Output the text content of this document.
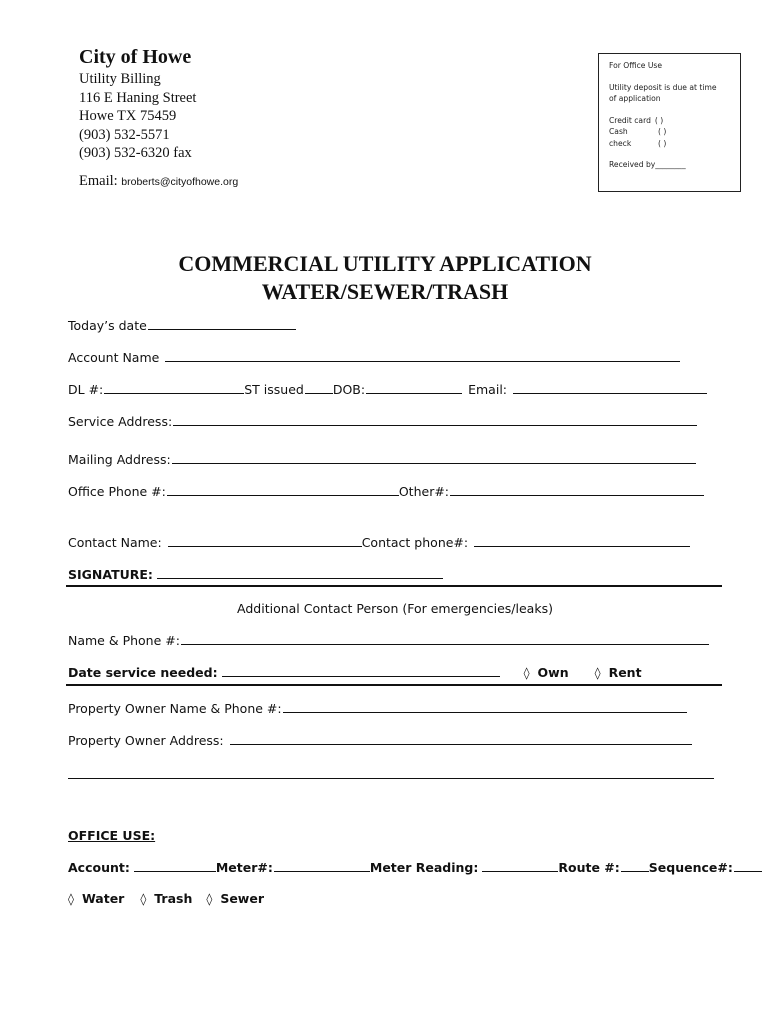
City of Howe
Utility Billing
116 E Haning Street
Howe TX 75459
(903) 532-5571
(903) 532-6320 fax
Email: broberts@cityofhowe.org
For Office Use
Utility deposit is due at time
of application
Credit card ( )
Cash	( )
check	( )
Received by________
COMMERCIAL UTILITY APPLICATION
WATER/SEWER/TRASH
Today’s date
Account Name
DL #:	ST issued DOB:	Email:
Service Address:
Mailing Address:
Office Phone #:	Other#:
Contact Name:	Contact phone#:
SIGNATURE:
Additional Contact Person (For emergencies/leaks)
Name & Phone #:
Date service needed:	◊ Own ◊ Rent
Property Owner Name & Phone #:
Property Owner Address:
OFFICE USE:
Account:	Meter#:	Meter Reading:	Route #: Sequence#:
◊ Water ◊ Trash ◊ Sewer
